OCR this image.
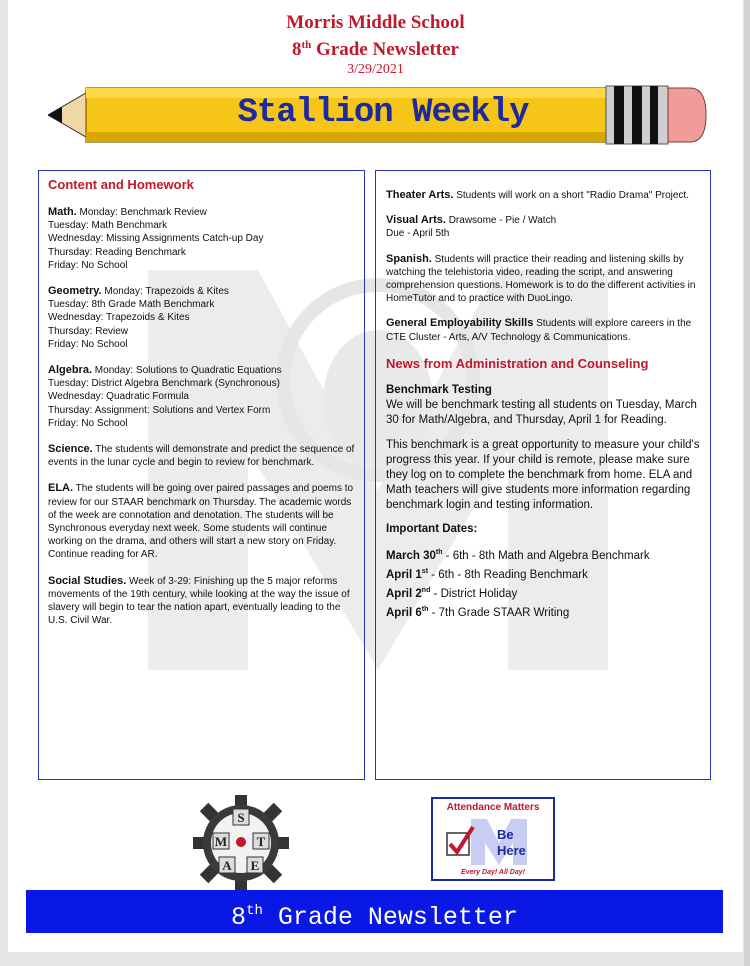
Morris Middle School
8th Grade Newsletter
3/29/2021
Stallion Weekly
Content and Homework
Math. Monday: Benchmark Review
Tuesday: Math Benchmark
Wednesday: Missing Assignments Catch-up Day
Thursday: Reading Benchmark
Friday: No School
Geometry. Monday: Trapezoids & Kites
Tuesday: 8th Grade Math Benchmark
Wednesday: Trapezoids & Kites
Thursday: Review
Friday: No School
Algebra. Monday: Solutions to Quadratic Equations
Tuesday: District Algebra Benchmark (Synchronous)
Wednesday: Quadratic Formula
Thursday: Assignment: Solutions and Vertex Form
Friday: No School
Science. The students will demonstrate and predict the sequence of events in the lunar cycle and begin to review for benchmark.
ELA. The students will be going over paired passages and poems to review for our STAAR benchmark on Thursday. The academic words of the week are connotation and denotation. The students will be Synchronous everyday next week. Some students will continue working on the drama, and others will start a new story on Friday. Continue reading for AR.
Social Studies. Week of 3-29: Finishing up the 5 major reforms movements of the 19th century, while looking at the way the issue of slavery will begin to tear the nation apart, eventually leading to the U.S. Civil War.
Theater Arts. Students will work on a short "Radio Drama" Project.
Visual Arts. Drawsome - Pie / Watch
Due - April 5th
Spanish. Students will practice their reading and listening skills by watching the telehistoria video, reading the script, and answering comprehension questions. Homework is to do the different activities in HomeTutor and to practice with DuoLingo.
General Employability Skills Students will explore careers in the CTE Cluster - Arts, A/V Technology & Communications.
News from Administration and Counseling
Benchmark Testing

We will be benchmark testing all students on Tuesday, March 30 for Math/Algebra, and Thursday, April 1 for Reading.

This benchmark is a great opportunity to measure your child's progress this year. If your child is remote, please make sure they log on to complete the benchmark from home. ELA and Math teachers will give students more information regarding benchmark login and testing information.

Important Dates:
March 30th - 6th - 8th Math and Algebra Benchmark
April 1st - 6th - 8th Reading Benchmark
April 2nd - District Holiday
April 6th - 7th Grade STAAR Writing
S
M T
A E
Attendance Matters
Be
Here
Every Day! All Day!
8th Grade Newsletter
